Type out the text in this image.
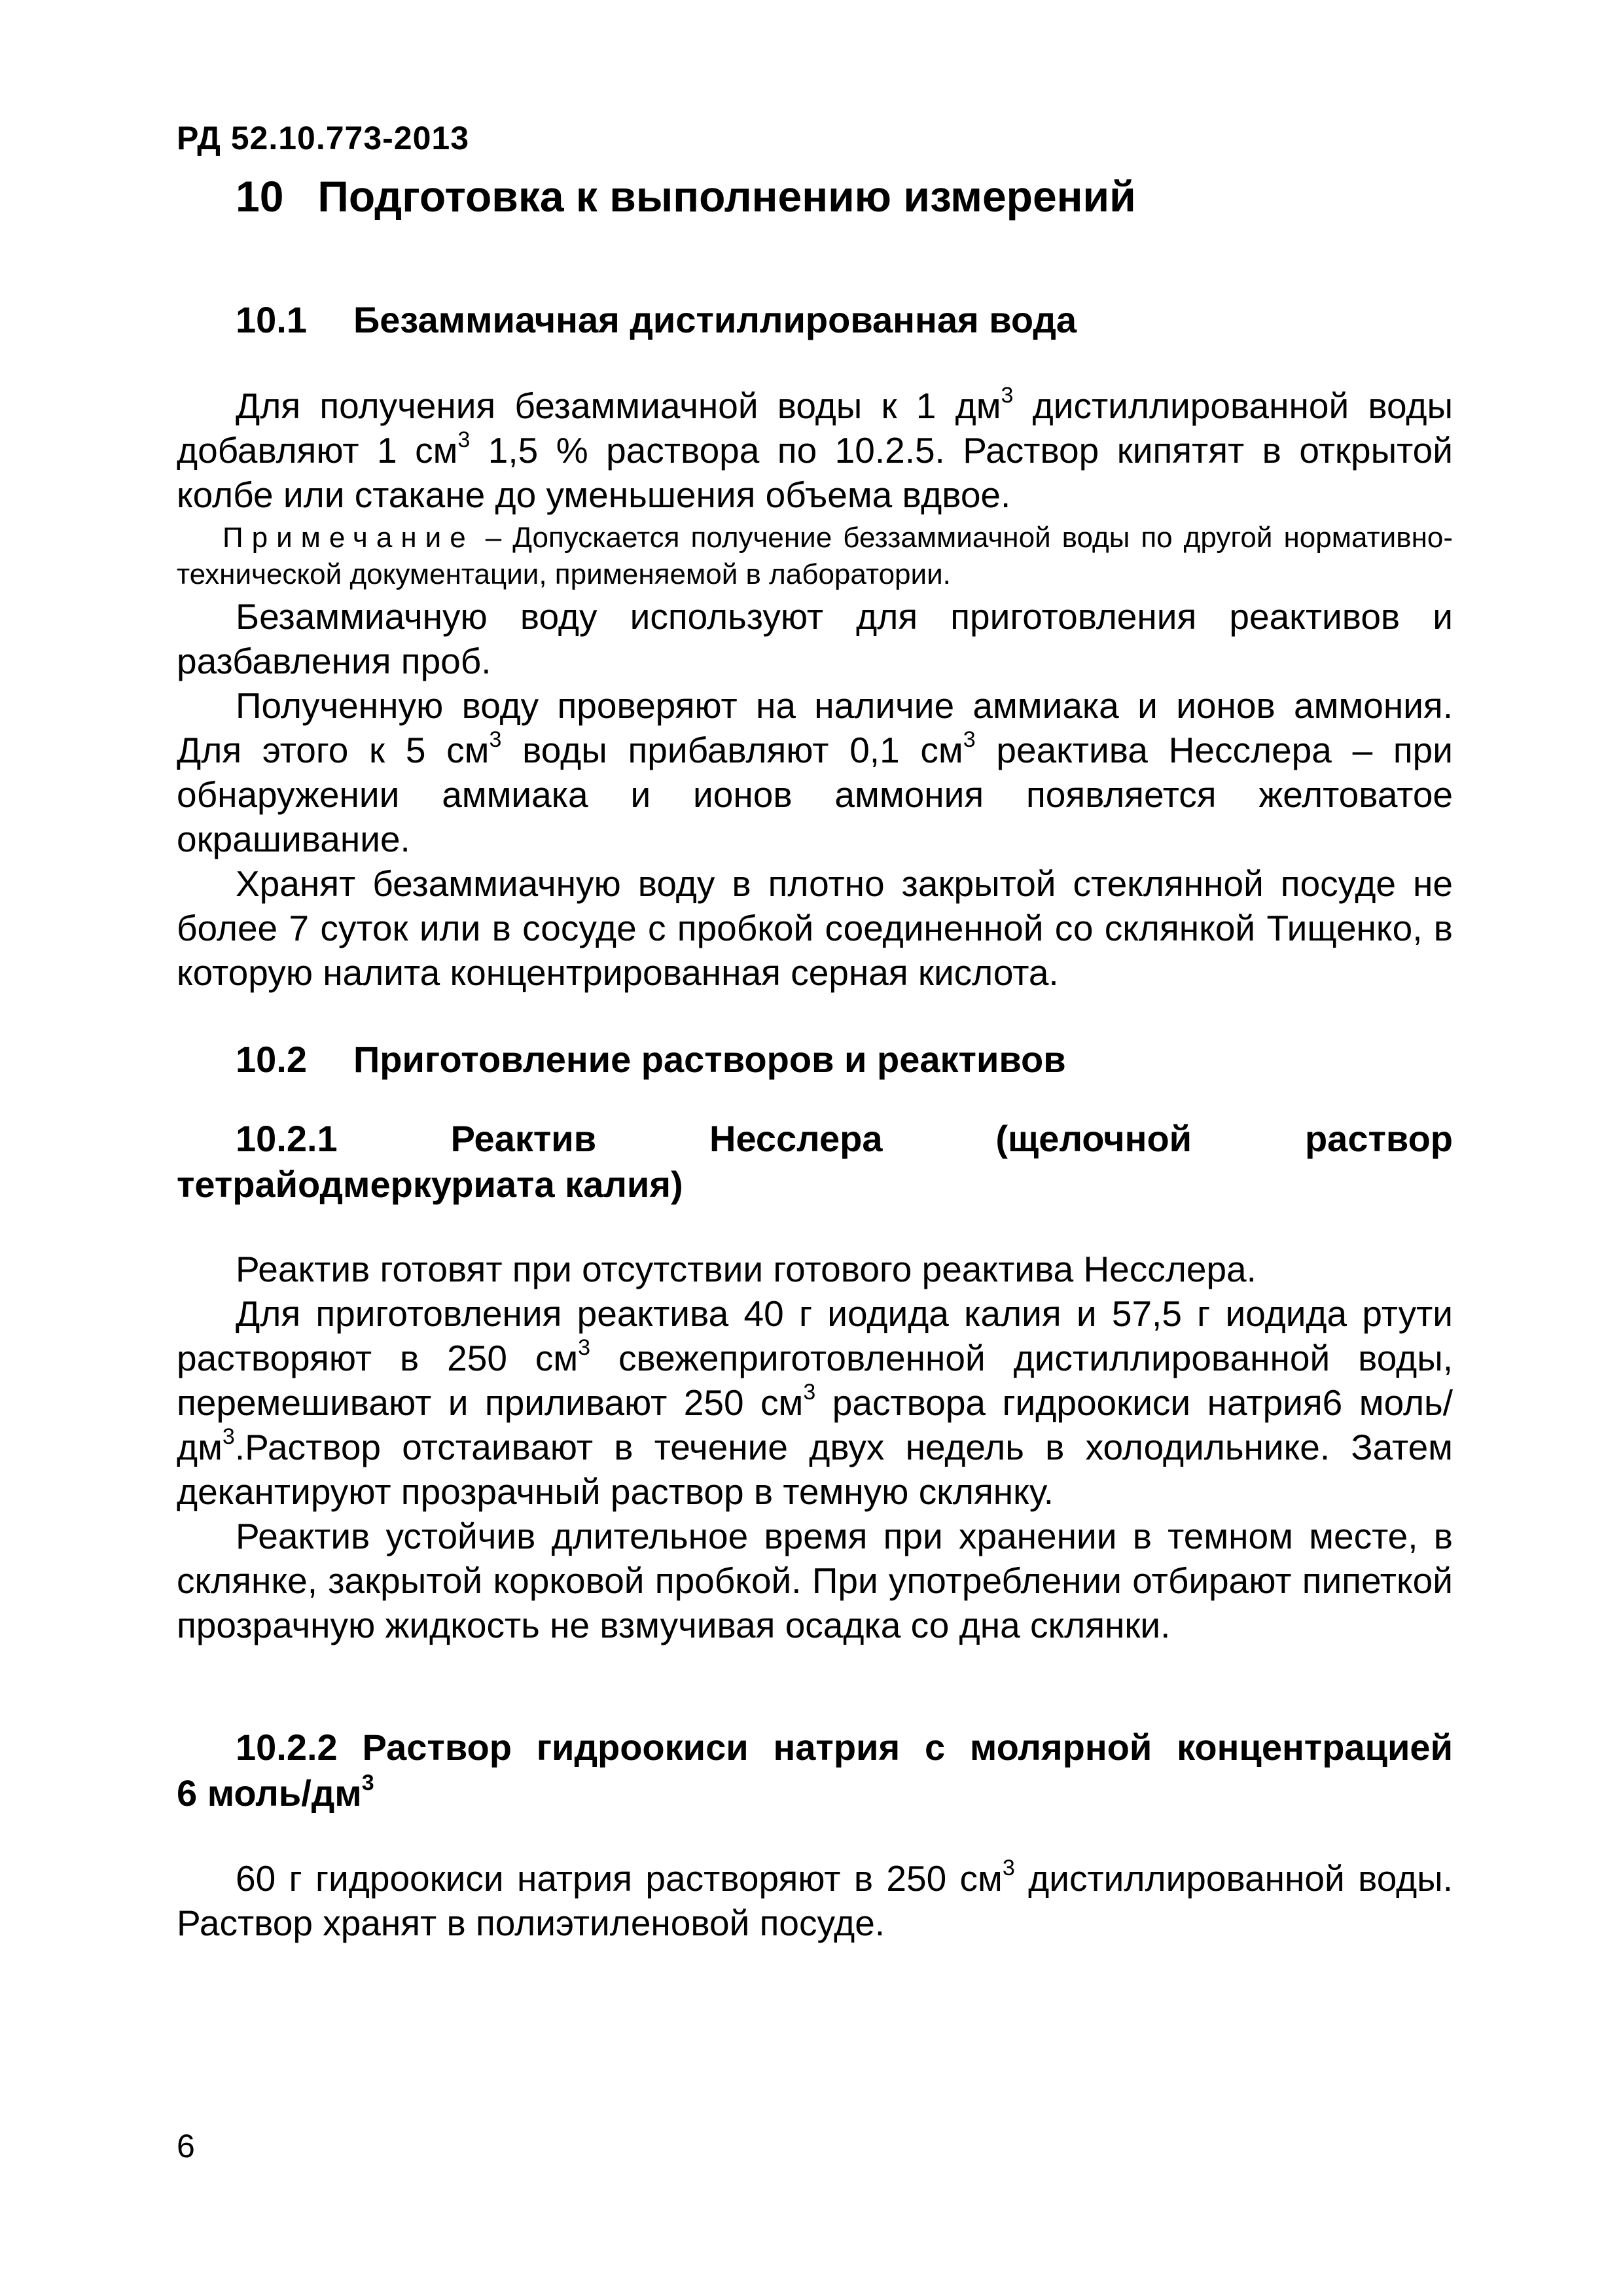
РД 52.10.773-2013
10 Подготовка к выполнению измерений
10.1 Безаммиачная дистиллированная вода

Для получения безаммиачной воды к 1 $дм^3$ дистиллированной воды добавляют 1 $см^3$ 1,5 % раствора по 10.2.5. Раствор кипятят в открытой колбе или стакане до уменьшения объема вдвое.

Примечание – Допускается получение беззаммиачной воды по другой нормативно-технической документации, применяемой в лаборатории.

Безаммиачную воду используют для приготовления реактивов и разбавления проб.

Полученную воду проверяют на наличие аммиака и ионов аммония. Для этого к 5 $см^3$ воды прибавляют 0,1 $см^3$ реактива Несслера – при обнаружении аммиака и ионов аммония появляется желтоватое окрашивание.

Хранят безаммиачную воду в плотно закрытой стеклянной посуде не более 7 суток или в сосуде с пробкой соединенной со склянкой Тищенко, в которую налита концентрированная серная кислота.

10.2 Приготовление растворов и реактивов

10.2.1 Реактив Несслера (щелочной раствор

тетрайодмеркуриата калия)

Реактив готовят при отсутствии готового реактива Несслера.

Для приготовления реактива 40 г иодида калия и 57,5 г иодида ртути растворяют в 250 $см^3$ свежеприготовленной дистиллированной воды, перемешивают и приливают 250 $см^3$ раствора гидроокиси натрия6 моль/$дм^3.Раствор$ отстаивают в течение двух недель в холодильнике. Затем декантируют прозрачный раствор в темную склянку.

Реактив устойчив длительное время при хранении в темном месте, в склянке, закрытой корковой пробкой. При употреблении отбирают пипеткой прозрачную жидкость не взмучивая осадка со дна склянки.

10.2.2 Раствор гидроокиси натрия с молярной концентрацией

6 моль/$дм^3$

60 г гидроокиси натрия растворяют в 250 $см^3$ дистиллированной воды. Раствор хранят в полиэтиленовой посуде.

6
